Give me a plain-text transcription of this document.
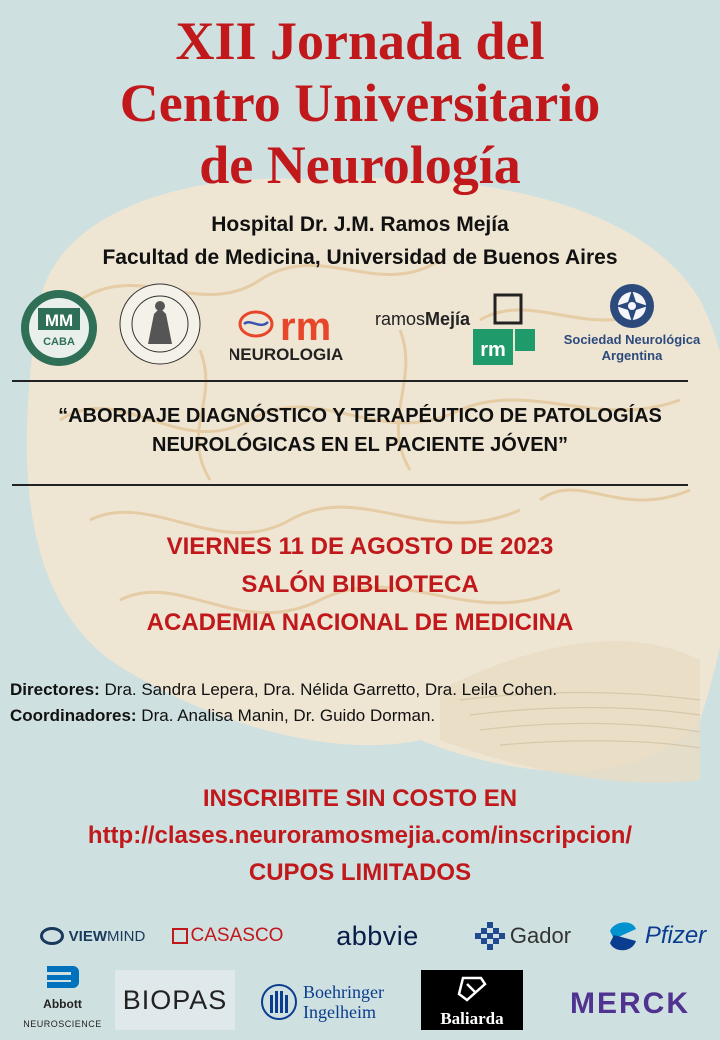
XII Jornada del
Centro Universitario
de Neurología
Hospital Dr. J.M. Ramos Mejía
Facultad de Medicina, Universidad de Buenos Aires
MM
CABA	rm
NEUROLOGIA
ramosMejía
rm	Sociedad Neurológica
Argentina
“ABORDAJE DIAGNÓSTICO Y TERAPÉUTICO DE PATOLOGÍAS
NEUROLÓGICAS EN EL PACIENTE JÓVEN”
VIERNES 11 DE AGOSTO DE 2023
SALÓN BIBLIOTECA
ACADEMIA NACIONAL DE MEDICINA
Directores: Dra. Sandra Lepera, Dra. Nélida Garretto, Dra. Leila Cohen.
Coordinadores: Dra. Analisa Manin, Dr. Guido Dorman.
INSCRIBITE SIN COSTO EN
http://clases.neuroramosmejia.com/inscripcion/
CUPOS LIMITADOS
VIEW MIND CASASCO abbvie	Gador	Pfizer
Abbott
NEUROSCIENCE
BIOPAS	Boehringer
Ingelheim	Baliarda	MERCK
